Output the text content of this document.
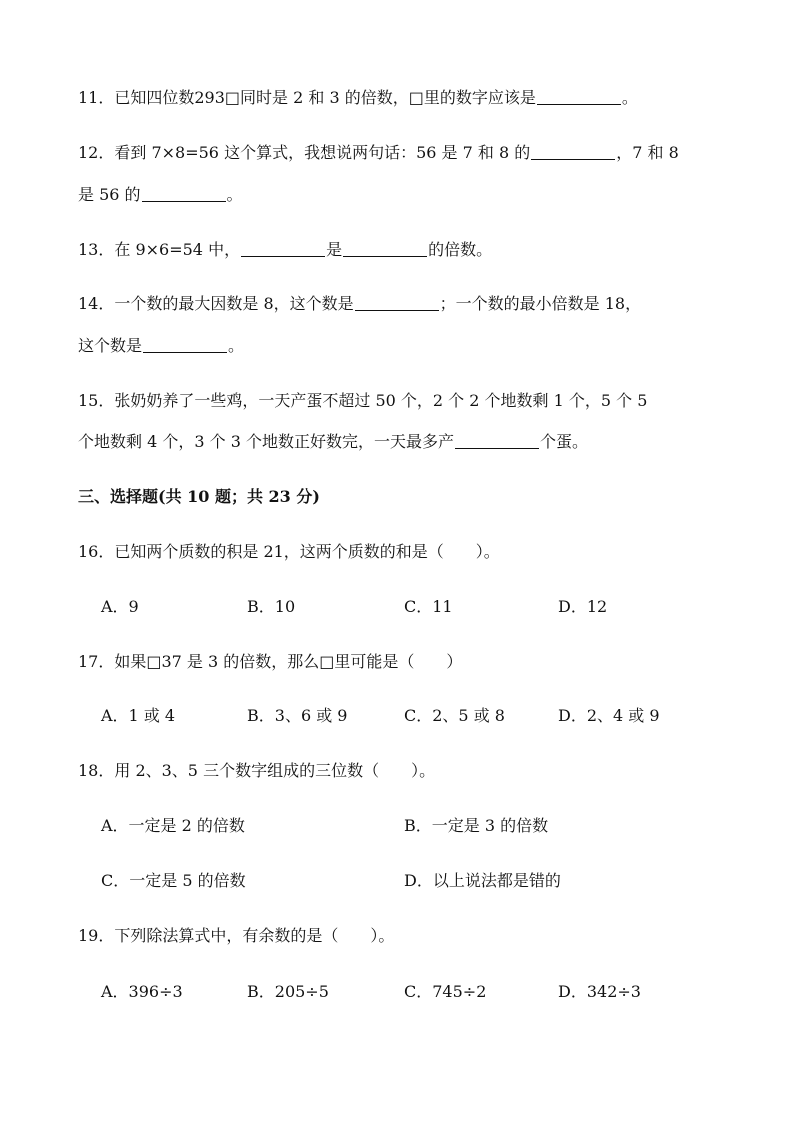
11．已知四位数293□同时是 2 和 3 的倍数，□里的数字应该是	。
12．看到 7×8=56 这个算式，我想说两句话：56 是 7 和 8 的	，7 和 8
是 56 的	。
13．在 9×6=54 中，	是	的倍数。
14．一个数的最大因数是 8，这个数是	；一个数的最小倍数是 18，
这个数是	。
15．张奶奶养了一些鸡，一天产蛋不超过 50 个，2 个 2 个地数剩 1 个，5 个 5
个地数剩 4 个，3 个 3 个地数正好数完，一天最多产	个蛋。
三、选择题(共 10 题；共 23 分)
16．已知两个质数的积是 21，这两个质数的和是（　　）。
A．9	B．10	C．11	D．12
17．如果□37 是 3 的倍数，那么□里可能是（　　）
A．1 或 4	B．3、6 或 9	C．2、5 或 8	D．2、4 或 9
18．用 2、3、5 三个数字组成的三位数（　　）。
A．一定是 2 的倍数	B．一定是 3 的倍数
C．一定是 5 的倍数	D．以上说法都是错的
19．下列除法算式中，有余数的是（　　）。
A．396÷3	B．205÷5	C．745÷2	D．342÷3
